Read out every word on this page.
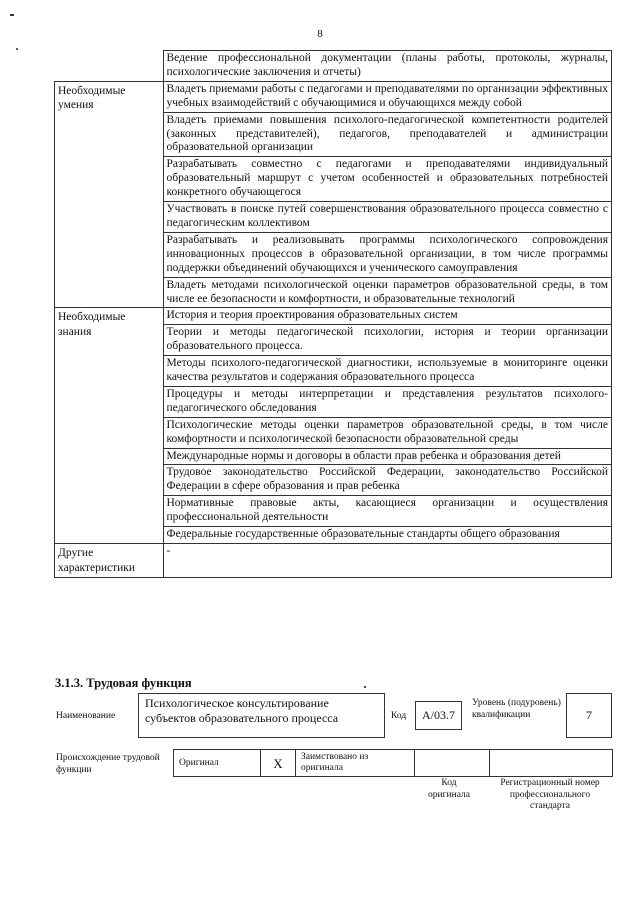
8
	Ведение профессиональной документации (планы работы, протоколы, журналы, психологические заключения и отчеты)
Необходимые умения	Владеть приемами работы с педагогами и преподавателями по организации эффективных учебных взаимодействий с обучающимися и обучающихся между собой
	Владеть приемами повышения психолого-педагогической компетентности родителей (законных представителей), педагогов, преподавателей и администрации образовательной организации
	Разрабатывать совместно с педагогами и преподавателями индивидуальный образовательный маршрут с учетом особенностей и образовательных потребностей конкретного обучающегося
	Участвовать в поиске путей совершенствования образовательного процесса совместно с педагогическим коллективом
	Разрабатывать и реализовывать программы психологического сопровождения инновационных процессов в образовательной организации, в том числе программы поддержки объединений обучающихся и ученического самоуправления
	Владеть методами психологической оценки параметров образовательной среды, в том числе ее безопасности и комфортности, и образовательные технологий
Необходимые знания	История и теория проектирования образовательных систем
	Теории и методы педагогической психологии, история и теории организации образовательного процесса.
	Методы психолого-педагогической диагностики, используемые в мониторинге оценки качества результатов и содержания образовательного процесса
	Процедуры и методы интерпретации и представления результатов психолого-педагогического обследования
	Психологические методы оценки параметров образовательной среды, в том числе комфортности и психологической безопасности образовательной среды
	Международные нормы и договоры в области прав ребенка и образования детей
	Трудовое законодательство Российской Федерации, законодательство Российской Федерации в сфере образования и прав ребенка
	Нормативные правовые акты, касающиеся организации и осуществления профессиональной деятельности
	Федеральные государственные образовательные стандарты общего образования
Другие характеристики	-
3.1.3. Трудовая функция
Наименование
Психологическое консультирование субъектов образовательного процесса	Код	A/03.7
Уровень (подуровень) квалификации	7
Происхождение трудовой функции
Оригинал	X	Заимствовано из оригинала		
Код оригинала
Регистрационный номер профессионального стандарта
